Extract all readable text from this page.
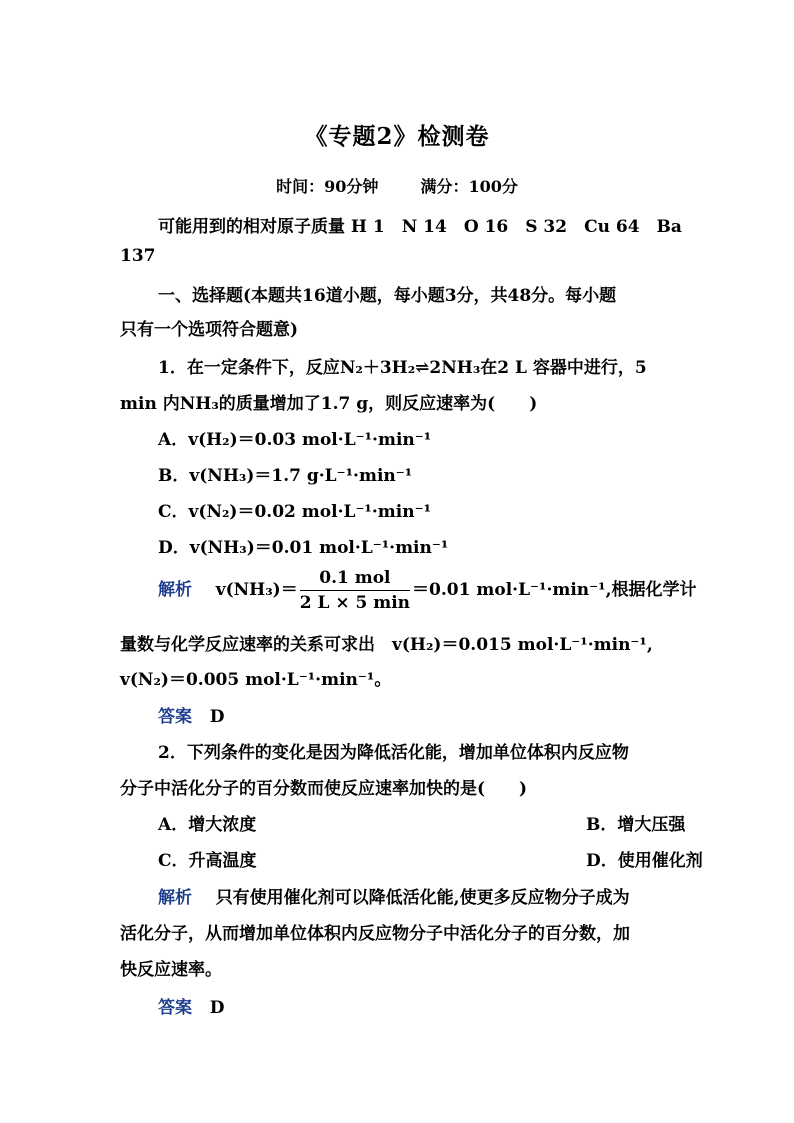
《专题2》检测卷
时间：90分钟	满分：100分
可能用到的相对原子质量 H 1　N 14　O 16　S 32　Cu 64　Ba
137
一、选择题(本题共16道小题，每小题3分，共48分。每小题
只有一个选项符合题意)
1．在一定条件下，反应N₂＋3H₂⇌2NH₃在2 L 容器中进行，5
min 内NH₃的质量增加了1.7 g，则反应速率为(　　)
A．v(H₂)＝0.03 mol·L⁻¹·min⁻¹
B．v(NH₃)＝1.7 g·L⁻¹·min⁻¹
C．v(N₂)＝0.02 mol·L⁻¹·min⁻¹
D．v(NH₃)＝0.01 mol·L⁻¹·min⁻¹
解析 $v(NH_3)= \frac{\text{0.1 mol}}{2 L \times 5 \min} =0.01$ mol·L⁻¹·min⁻¹,根据化学计
量数与化学反应速率的关系可求出　v(H₂)＝0.015 mol·L⁻¹·min⁻¹,
v(N₂)＝0.005 mol·L⁻¹·min⁻¹。
答案 D
2．下列条件的变化是因为降低活化能，增加单位体积内反应物
分子中活化分子的百分数而使反应速率加快的是(　　)
A．增大浓度	B．增大压强
C．升高温度	D．使用催化剂
解析 只有使用催化剂可以降低活化能,使更多反应物分子成为
活化分子，从而增加单位体积内反应物分子中活化分子的百分数，加
快反应速率。
答案 D
